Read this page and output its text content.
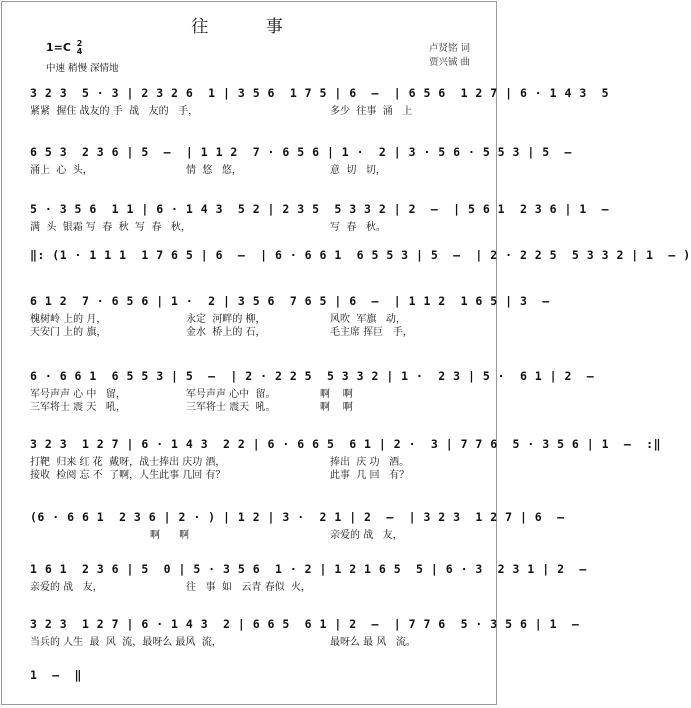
往 事
1=C 2
4
中速 稍慢 深情地
卢贤铭 词
贾兴铖 曲
3 2 3  5 · 3 | 2 3 2 6  1 | 3 5 6  1 7 5 | 6  –  | 6 5 6  1 2 7 | 6 · 1 4 3  5

紧紧  握住 战友的 手  战   友的   手，

	多少  往事  涌   上

6 5 3  2 3 6 | 5  –  | 1 1 2  7 · 6 5 6 | 1 ·  2 | 3 · 5 6 · 5 5 3 | 5  –

涌上  心  头，

	情  悠   悠，

	意  切   切，

5 · 3 5 6  1 1 | 6 · 1 4 3  5 2 | 2 3 5  5 3 3 2 | 2  –  | 5 6 1  2 3 6 | 1  –

满  头  银霜 写  春  秋  写  春   秋，

	写  春   秋。

‖: (1 · 1 1 1  1 7 6 5 | 6  –  | 6 · 6 6 1  6 5 5 3 | 5  –  | 2 · 2 2 5  5 3 3 2 | 1  – )
6 1 2  7 · 6 5 6 | 1 ·  2 | 3 5 6  7 6 5 | 6  –  | 1 1 2  1 6 5 | 3  –

槐树岭 上的 月，

	永定  河畔的 柳，

	风吹  军旗   动，

天安门 上的 旗，

	金水  桥上的 石，

	毛主席 挥巨   手，

6 · 6 6 1  6 5 5 3 | 5  –  | 2 · 2 2 5  5 3 3 2 | 1 ·  2 3 | 5 ·  6 1 | 2  –

军号声声 心 中   留，

	军号声声 心中  留。

	啊    啊

三军将士 震 天   吼，

	三军将士 震天  吼。

	啊    啊

3 2 3  1 2 7 | 6 · 1 4 3  2 2 | 6 · 6 6 5  6 1 | 2 ·  3 | 7 7 6  5 · 3 5 6 | 1  –  :‖

打靶  归来 红 花  戴呀，战士捧出 庆功 酒，

	捧出  庆 功   酒。

接收  检阅 忘 不  了啊，人生此事 几回 有？

	此事  几 回   有？

(6 · 6 6 1  2 3 6 | 2 · ) | 1 2 | 3 ·  2 1 | 2  –  | 3 2 3  1 2 7 | 6  –

啊      啊

	亲爱的 战   友，

1 6 1  2 3 6 | 5  0 | 5 · 3 5 6  1 · 2 | 1 2 1 6 5  5 | 6 · 3  2 3 1 | 2  –

亲爱的 战   友，

	往   事  如   云青 春似  火，

3 2 3  1 2 7 | 6 · 1 4 3  2 | 6 6 5  6 1 | 2  –  | 7 7 6  5 · 3 5 6 | 1  –

当兵的 人生  最  风  流，最呀么 最风  流，

	最呀么 最 风   流。

1  –  ‖
